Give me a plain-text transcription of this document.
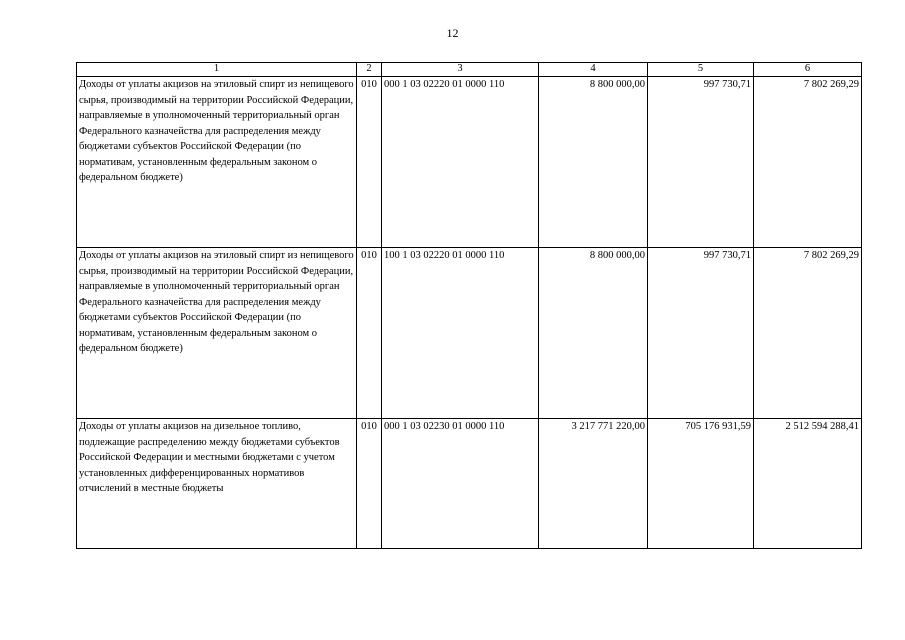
12
1	2	3	4	5	6
Доходы от уплаты акцизов на этиловый спирт из непищевого сырья, производимый на территории Российской Федерации, направляемые в уполномоченный территориальный орган Федерального казначейства для распределения между бюджетами субъектов Российской Федерации (по нормативам, установленным федеральным законом о федеральном бюджете)	010	000 1 03 02220 01 0000 110	8 800 000,00	997 730,71	7 802 269,29
Доходы от уплаты акцизов на этиловый спирт из непищевого сырья, производимый на территории Российской Федерации, направляемые в уполномоченный территориальный орган Федерального казначейства для распределения между бюджетами субъектов Российской Федерации (по нормативам, установленным федеральным законом о федеральном бюджете)	010	100 1 03 02220 01 0000 110	8 800 000,00	997 730,71	7 802 269,29
Доходы от уплаты акцизов на дизельное топливо, подлежащие распределению между бюджетами субъектов Российской Федерации и местными бюджетами с учетом установленных дифференцированных нормативов отчислений в местные бюджеты	010	000 1 03 02230 01 0000 110	3 217 771 220,00	705 176 931,59	2 512 594 288,41
